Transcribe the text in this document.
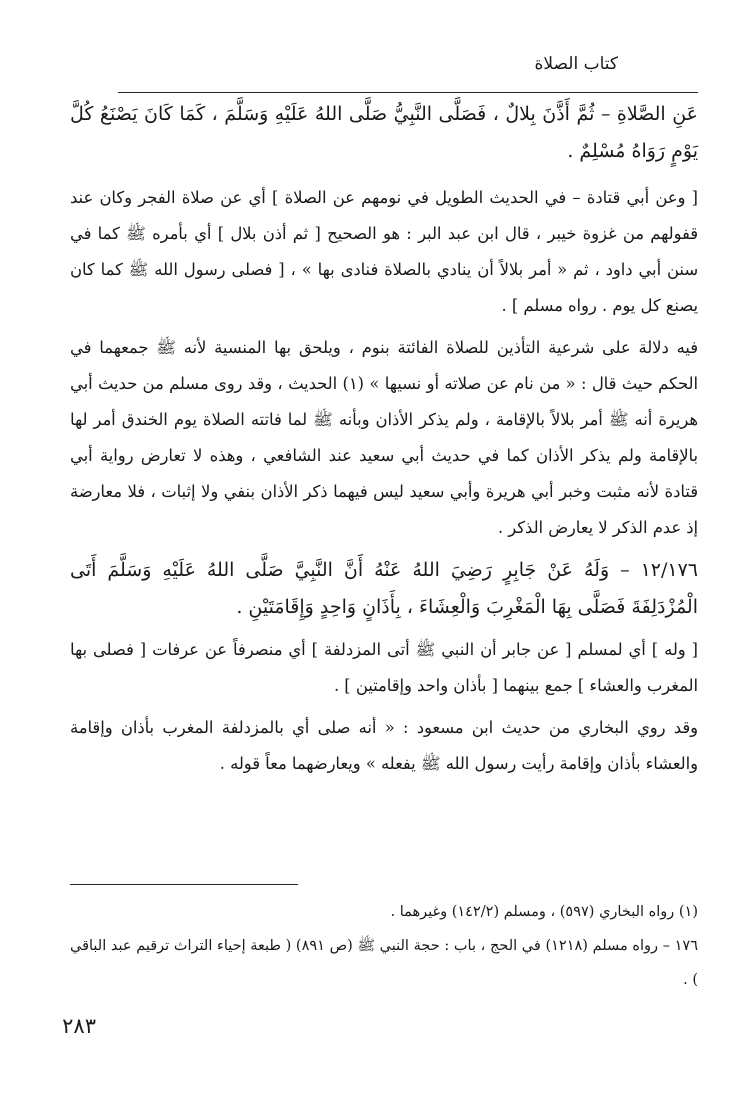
كتاب الصلاة

عَنِ الصَّلاةِ – ثُمَّ أَذَّنَ بِلالٌ ، فَصَلَّى النَّبِيُّ صَلَّى اللهُ عَلَيْهِ وَسَلَّمَ ، كَمَا كَانَ يَصْنَعُ كُلَّ يَوْمٍ رَوَاهُ مُسْلِمٌ .

[ وعن أبي قتادة – في الحديث الطويل في نومهم عن الصلاة ] أي عن صلاة الفجر وكان عند قفولهم من غزوة خيبر ، قال ابن عبد البر : هو الصحيح [ ثم أذن بلال ] أي بأمره ﷺ كما في سنن أبي داود ، ثم « أمر بلالاً أن ينادي بالصلاة فنادى بها » ، [ فصلى رسول الله ﷺ كما كان يصنع كل يوم . رواه مسلم ] .

فيه دلالة على شرعية التأذين للصلاة الفائتة بنوم ، ويلحق بها المنسية لأنه ﷺ جمعهما في الحكم حيث قال : « من نام عن صلاته أو نسيها » (١) الحديث ، وقد روى مسلم من حديث أبي هريرة أنه ﷺ أمر بلالاً بالإقامة ، ولم يذكر الأذان وبأنه ﷺ لما فاتته الصلاة يوم الخندق أمر لها بالإقامة ولم يذكر الأذان كما في حديث أبي سعيد عند الشافعي ، وهذه لا تعارض رواية أبي قتادة لأنه مثبت وخبر أبي هريرة وأبي سعيد ليس فيهما ذكر الأذان بنفي ولا إثبات ، فلا معارضة إذ عدم الذكر لا يعارض الذكر .

١٢/١٧٦ – وَلَهُ عَنْ جَابِرٍ رَضِيَ اللهُ عَنْهُ أَنَّ النَّبِيَّ صَلَّى اللهُ عَلَيْهِ وَسَلَّمَ أَتَى الْمُزْدَلِفَةَ فَصَلَّى بِهَا الْمَغْرِبَ وَالْعِشَاءَ ، بِأَذَانٍ وَاحِدٍ وَإِقَامَتَيْنِ .

[ وله ] أي لمسلم [ عن جابر أن النبي ﷺ أتى المزدلفة ] أي منصرفاً عن عرفات [ فصلى بها المغرب والعشاء ] جمع بينهما [ بأذان واحد وإقامتين ] .

وقد روي البخاري من حديث ابن مسعود : « أنه صلى أي بالمزدلفة المغرب بأذان وإقامة والعشاء بأذان وإقامة رأيت رسول الله ﷺ يفعله » ويعارضهما معاً قوله .

(١) رواه البخاري (٥٩٧) ، ومسلم (١٤٢/٢) وغيرهما .

١٧٦ – رواه مسلم (١٢١٨) في الحج ، باب : حجة النبي ﷺ (ص ٨٩١) ( طبعة إحياء التراث ترقيم عبد الباقي ) .

٢٨٣
